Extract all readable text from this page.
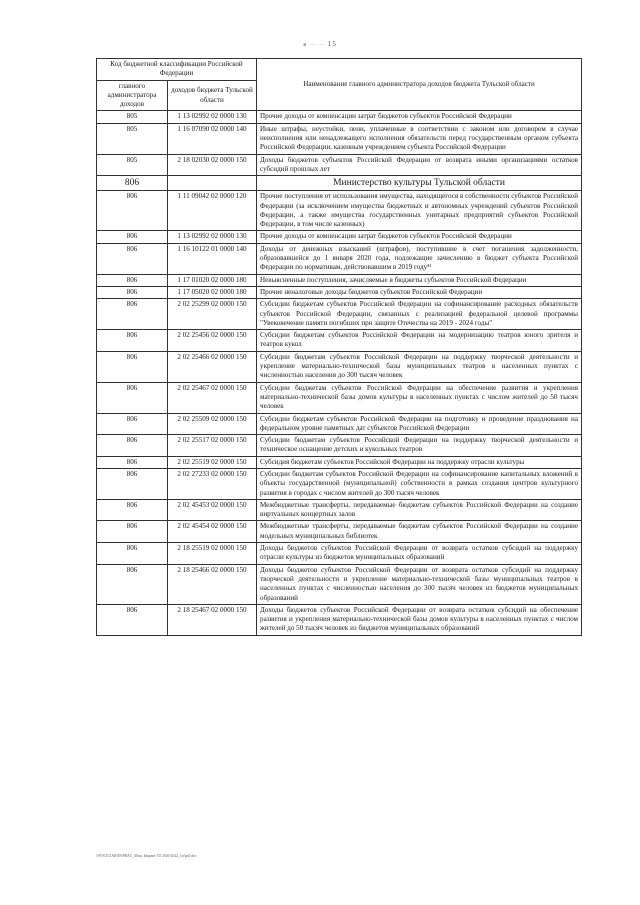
■ · — · ~ · 15
Код бюджетной классификации Российской Федерации		Наименование главного администратора доходов бюджета Тульской области
главного администратора доходов	доходов бюджета Тульской области	
805	1 13 02992 02 0000 130	Прочие доходы от компенсации затрат бюджетов субъектов Российской Федерации
805	1 16 07090 02 0000 140	Иные штрафы, неустойки, пени, уплаченные в соответствии с законом или договором в случае неисполнения или ненадлежащего исполнения обязательств перед государственным органом субъекта Российской Федерации, казенным учреждением субъекта Российской Федерации
805	2 18 02030 02 0000 150	Доходы бюджетов субъектов Российской Федерации от возврата иными организациями остатков субсидий прошлых лет
806		Министерство культуры Тульской области
806	1 11 09042 02 0000 120	Прочие поступления от использования имущества, находящегося в собственности субъектов Российской Федерации (за исключением имущества бюджетных и автономных учреждений субъектов Российской Федерации, а также имущества государственных унитарных предприятий субъектов Российской Федерации, в том числе казенных)
806	1 13 02992 02 0000 130	Прочие доходы от компенсации затрат бюджетов субъектов Российской Федерации
806	1 16 10122 01 0000 140	Доходы от денежных взысканий (штрафов), поступившие в счет погашения задолженности, образовавшейся до 1 января 2020 года, подлежащие зачислению в бюджет субъекта Российской Федерации по нормативам, действовавшим в 2019 году⁴⁾
806	1 17 01020 02 0000 180	Невыясненные поступления, зачисляемые в бюджеты субъектов Российской Федерации
806	1 17 05020 02 0000 180	Прочие неналоговые доходы бюджетов субъектов Российской Федерации
806	2 02 25299 02 0000 150	Субсидии бюджетам субъектов Российской Федерации на софинансирование расходных обязательств субъектов Российской Федерации, связанных с реализацией федеральной целевой программы "Увековечение памяти погибших при защите Отечества на 2019 - 2024 годы"
806	2 02 25456 02 0000 150	Субсидии бюджетам субъектов Российской Федерации на модернизацию театров юного зрителя и театров кукол
806	2 02 25466 02 0000 150	Субсидии бюджетам субъектов Российской Федерации на поддержку творческой деятельности и укрепление материально-технической базы муниципальных театров в населенных пунктах с численностью населения до 300 тысяч человек
806	2 02 25467 02 0000 150	Субсидии бюджетам субъектов Российской Федерации на обеспечение развития и укрепления материально-технической базы домов культуры в населенных пунктах с числом жителей до 50 тысяч человек
806	2 02 25509 02 0000 150	Субсидии бюджетам субъектов Российской Федерации на подготовку и проведение празднования на федеральном уровне памятных дат субъектов Российской Федерации
806	2 02 25517 02 0000 150	Субсидии бюджетам субъектов Российской Федерации на поддержку творческой деятельности и техническое оснащение детских и кукольных театров
806	2 02 25519 02 0000 150	Субсидия бюджетам субъектов Российской Федерации на поддержку отрасли культуры
806	2 02 27233 02 0000 150	Субсидии бюджетам субъектов Российской Федерации на софинансирование капитальных вложений в объекты государственной (муниципальной) собственности в рамках создания центров культурного развития в городах с числом жителей до 300 тысяч человек
806	2 02 45453 02 0000 150	Межбюджетные трансферты, передаваемые бюджетам субъектов Российской Федерации на создание виртуальных концертных залов
806	2 02 45454 02 0000 150	Межбюджетные трансферты, передаваемые бюджетам субъектов Российской Федерации на создание модельных муниципальных библиотек
806	2 18 25519 02 0000 150	Доходы бюджетов субъектов Российской Федерации от возврата остатков субсидий на поддержку отрасли культуры из бюджетов муниципальных образований
806	2 18 25466 02 0000 150	Доходы бюджетов субъектов Российской Федерации от возврата остатков субсидий на поддержку творческой деятельности и укрепление материально-технической базы муниципальных театров в населенных пунктах с численностью населения до 300 тысяч человек из бюджетов муниципальных образований
806	2 18 25467 02 0000 150	Доходы бюджетов субъектов Российской Федерации от возврата остатков субсидий на обеспечение развития и укрепления материально-технической базы домов культуры в населенных пунктах с числом жителей до 50 тысяч человек из бюджетов муниципальных образований
\\SYS\U\ZAKON\PRAC_30\zu. Бюджет ТО 2020-2022_3 п\pril.doc
